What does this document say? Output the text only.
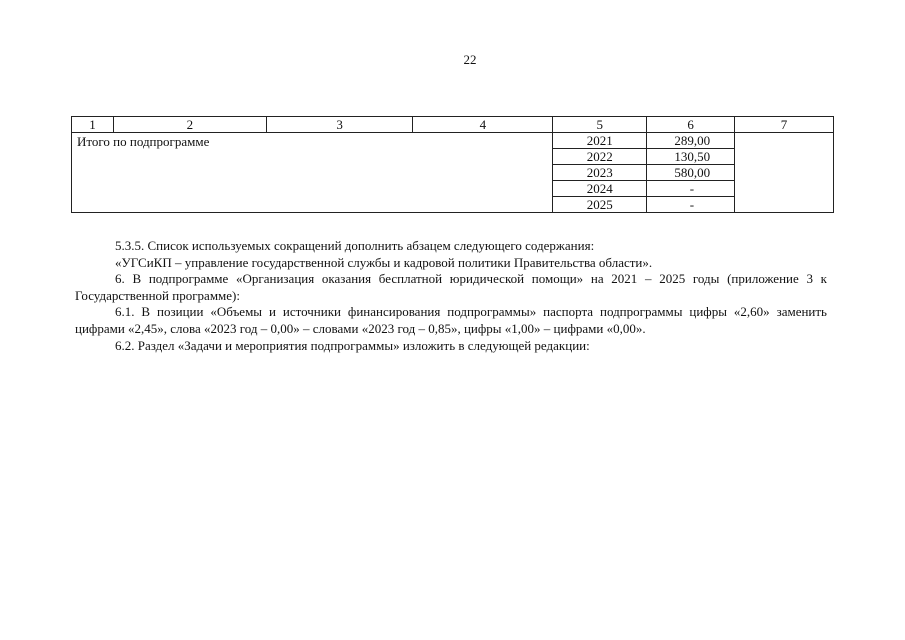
22
1	2	3	4	5	6	7
Итого по подпрограмме				2021	289,00	
				2022	130,50	
				2023	580,00	
				2024	-	
				2025	-	

5.3.5. Список используемых сокращений дополнить абзацем следующего содержания:

«УГСиКП – управление государственной службы и кадровой политики Правительства области».

6. В подпрограмме «Организация оказания бесплатной юридической помощи» на 2021 – 2025 годы (приложение 3 к Государственной программе):

6.1. В позиции «Объемы и источники финансирования подпрограммы» паспорта подпрограммы цифры «2,60» заменить цифрами «2,45», слова «2023 год – 0,00» – словами «2023 год – 0,85», цифры «1,00» – цифрами «0,00».

6.2. Раздел «Задачи и мероприятия подпрограммы» изложить в следующей редакции:
